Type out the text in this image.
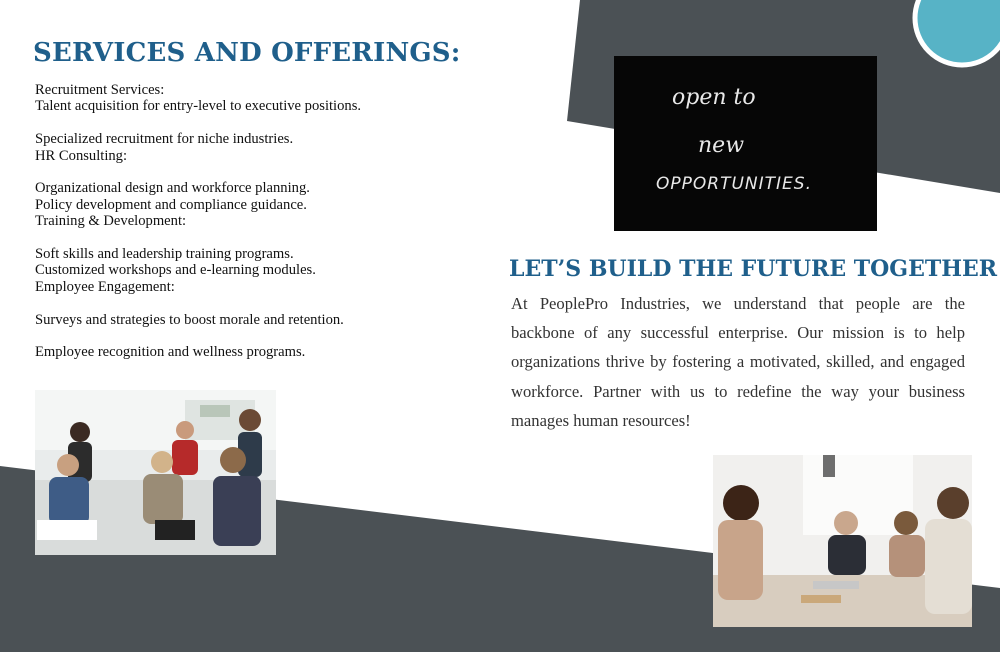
SERVICES AND OFFERINGS:
Recruitment Services:
Talent acquisition for entry-level to executive positions.
Specialized recruitment for niche industries.
HR Consulting:
Organizational design and workforce planning.
Policy development and compliance guidance.
Training & Development:
Soft skills and leadership training programs.
Customized workshops and e-learning modules.
Employee Engagement:
Surveys and strategies to boost morale and retention.
Employee recognition and wellness programs.
open to
new
OPPORTUNITIES.
LET’S BUILD THE FUTURE TOGETHER

At PeoplePro Industries, we understand that people are the backbone of any successful enterprise. Our mission is to help organizations thrive by fostering a motivated, skilled, and engaged workforce. Partner with us to redefine the way your business manages human resources!
